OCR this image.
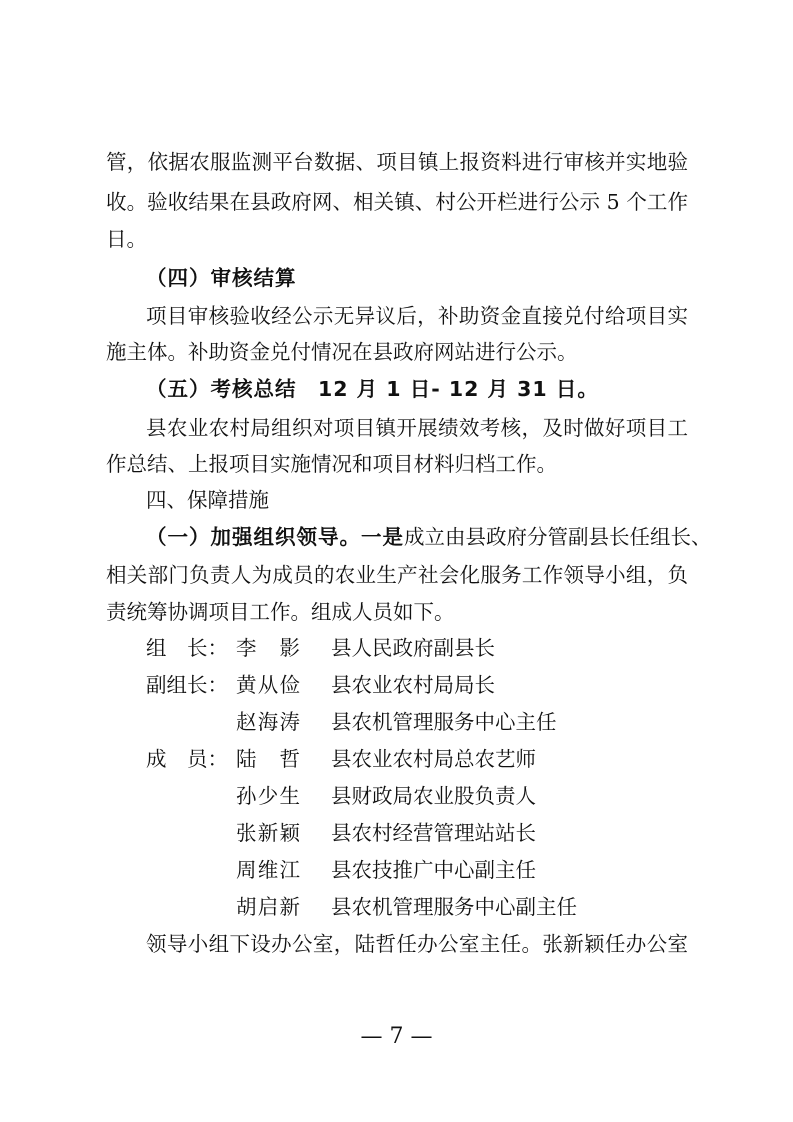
管，依据农服监测平台数据、项目镇上报资料进行审核并实地验
收。验收结果在县政府网、相关镇、村公开栏进行公示 5 个工作
日。
（四）审核结算
项目审核验收经公示无异议后，补助资金直接兑付给项目实
施主体。补助资金兑付情况在县政府网站进行公示。
（五）考核总结　12 月 1 日- 12 月 31 日。
县农业农村局组织对项目镇开展绩效考核，及时做好项目工
作总结、上报项目实施情况和项目材料归档工作。
四、保障措施
（一）加强组织领导。一是成立由县政府分管副县长任组长、
相关部门负责人为成员的农业生产社会化服务工作领导小组，负
责统筹协调项目工作。组成人员如下。
组　长： 李　影 县人民政府副县长
副组长： 黄从俭 县农业农村局局长
赵海涛 县农机管理服务中心主任
成　员： 陆　哲 县农业农村局总农艺师
孙少生 县财政局农业股负责人
张新颖 县农村经营管理站站长
周维江 县农技推广中心副主任
胡启新 县农机管理服务中心副主任
领导小组下设办公室，陆哲任办公室主任。张新颖任办公室
— 7 —
